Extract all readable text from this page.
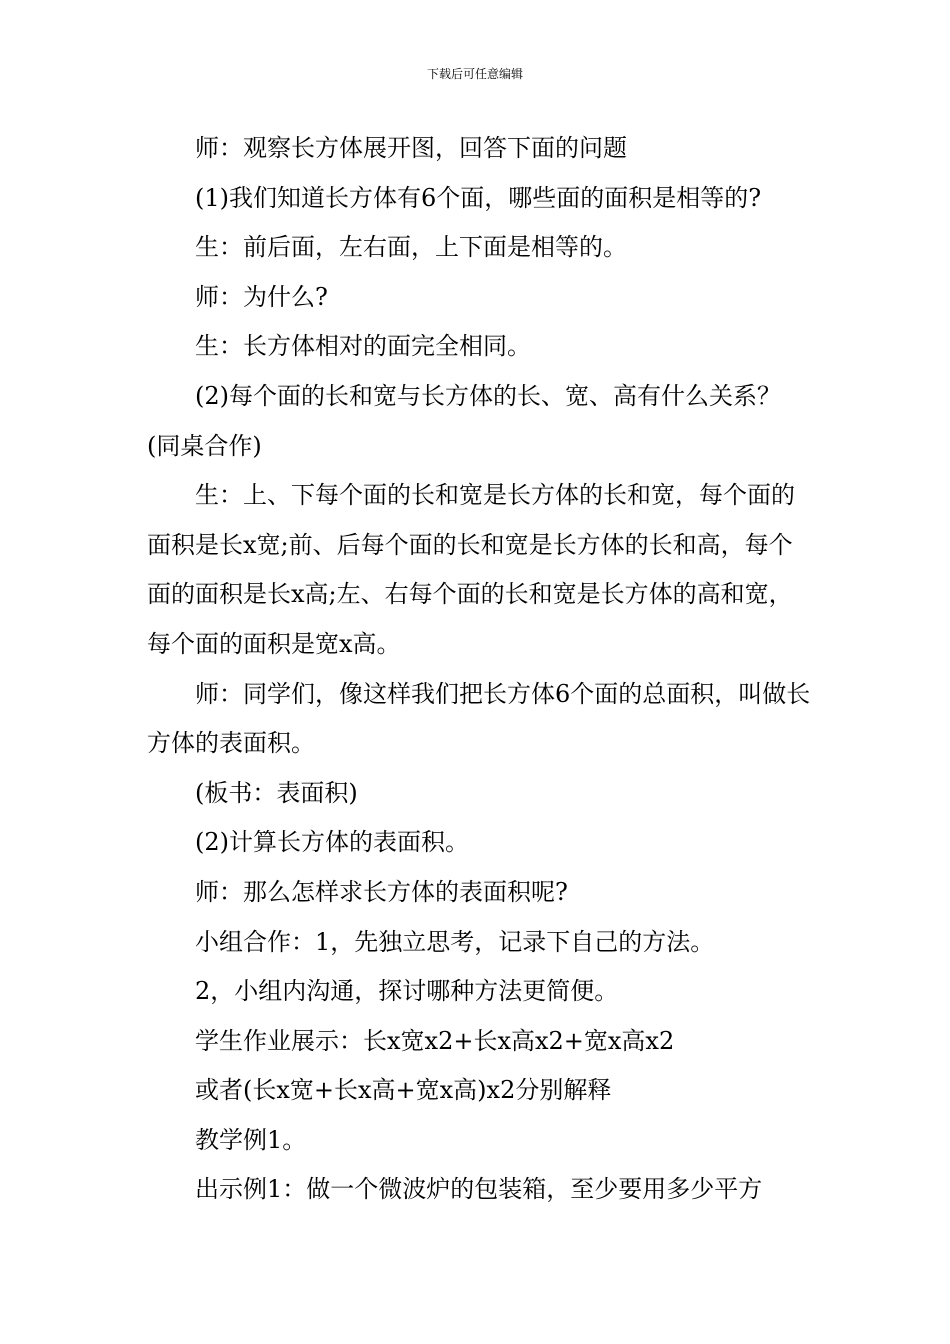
下载后可任意编辑

师：观察长方体展开图，回答下面的问题

(1)我们知道长方体有6个面，哪些面的面积是相等的?

生：前后面，左右面，上下面是相等的。

师：为什么?

生：长方体相对的面完全相同。

(2)每个面的长和宽与长方体的长、宽、高有什么关系？(同桌合作)

生：上、下每个面的长和宽是长方体的长和宽，每个面的面积是长x宽;前、后每个面的长和宽是长方体的长和高，每个面的面积是长x高;左、右每个面的长和宽是长方体的高和宽，每个面的面积是宽x高。

师：同学们，像这样我们把长方体6个面的总面积，叫做长方体的表面积。

(板书：表面积)

(2)计算长方体的表面积。

师：那么怎样求长方体的表面积呢?

小组合作：1，先独立思考，记录下自己的方法。

2，小组内沟通，探讨哪种方法更简便。

学生作业展示：长x宽x2+长x高x2+宽x高x2

或者(长x宽+长x高+宽x高)x2分别解释

教学例1。

出示例1：做一个微波炉的包装箱，至少要用多少平方
